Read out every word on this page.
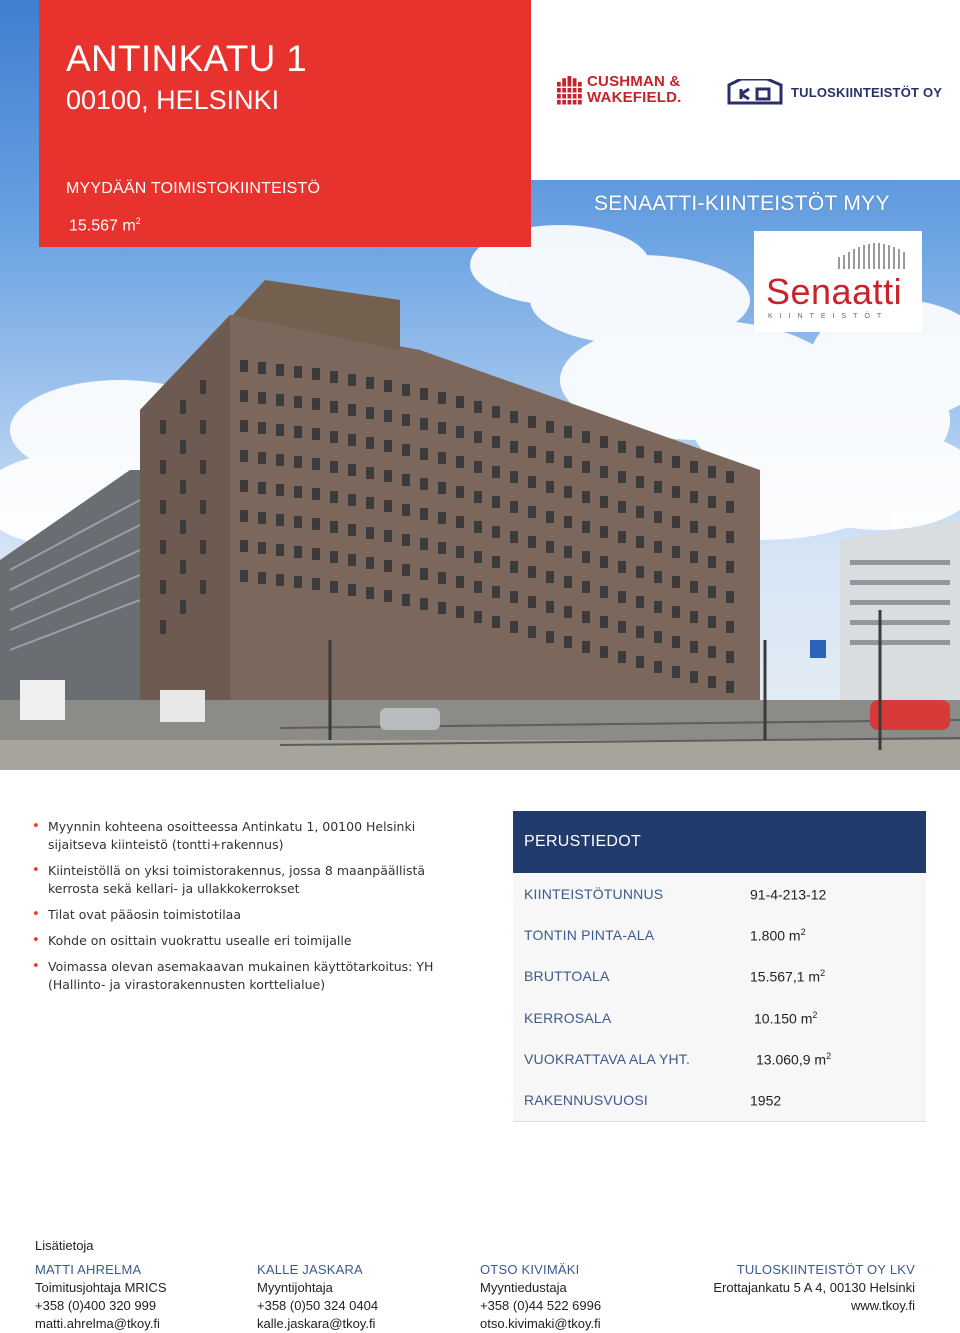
ANTINKATU 1
00100, HELSINKI
MYYDÄÄN TOIMISTOKIINTEISTÖ
15.567 $m^2$
CUSHMAN &
WAKEFIELD.	TULOSKIINTEISTÖT OY
SENAATTI-KIINTEISTÖT MYY
Senaatti
KIINTEISTÖT
• Myynnin kohteena osoitteessa Antinkatu 1, 00100 Helsinki sijaitseva kiinteistö (tontti+rakennus)
• Kiinteistöllä on yksi toimistorakennus, jossa 8 maanpäällistä kerrosta sekä kellari- ja ullakkokerrokset
• Tilat ovat pääosin toimistotilaa
• Kohde on osittain vuokrattu usealle eri toimijalle
• Voimassa olevan asemakaavan mukainen käyttötarkoitus: YH (Hallinto- ja virastorakennusten korttelialue)
PERUSTIEDOT
KIINTEISTÖTUNNUS	91-4-213-12
TONTIN PINTA-ALA	1.800 $m^2$
BRUTTOALA	15.567,1 $m^2$
KERROSALA	10.150 $m^2$
VUOKRATTAVA ALA YHT.	13.060,9 $m^2$
RAKENNUSVUOSI	1952
Lisätietoja
MATTI AHRELMA
Toimitusjohtaja MRICS
+358 (0)400 320 999
matti.ahrelma@tkoy.fi
KALLE JASKARA
Myyntijohtaja
+358 (0)50 324 0404
kalle.jaskara@tkoy.fi
OTSO KIVIMÄKI
Myyntiedustaja
+358 (0)44 522 6996
otso.kivimaki@tkoy.fi
TULOSKIINTEISTÖT OY LKV
Erottajankatu 5 A 4, 00130 Helsinki
www.tkoy.fi
